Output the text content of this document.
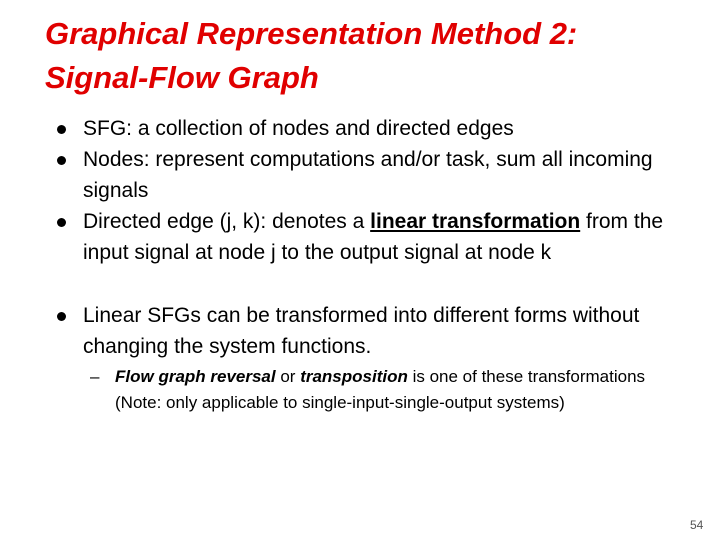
Graphical Representation Method 2:
Signal-Flow Graph
SFG: a collection of nodes and directed edges
Nodes: represent computations and/or task, sum all incoming signals
Directed edge (j, k): denotes a linear transformation from the input signal at node j to the output signal at node k
Linear SFGs can be transformed into different forms without changing the system functions.
– Flow graph reversal or transposition is one of these transformations (Note: only applicable to single-input-single-output systems)
54
